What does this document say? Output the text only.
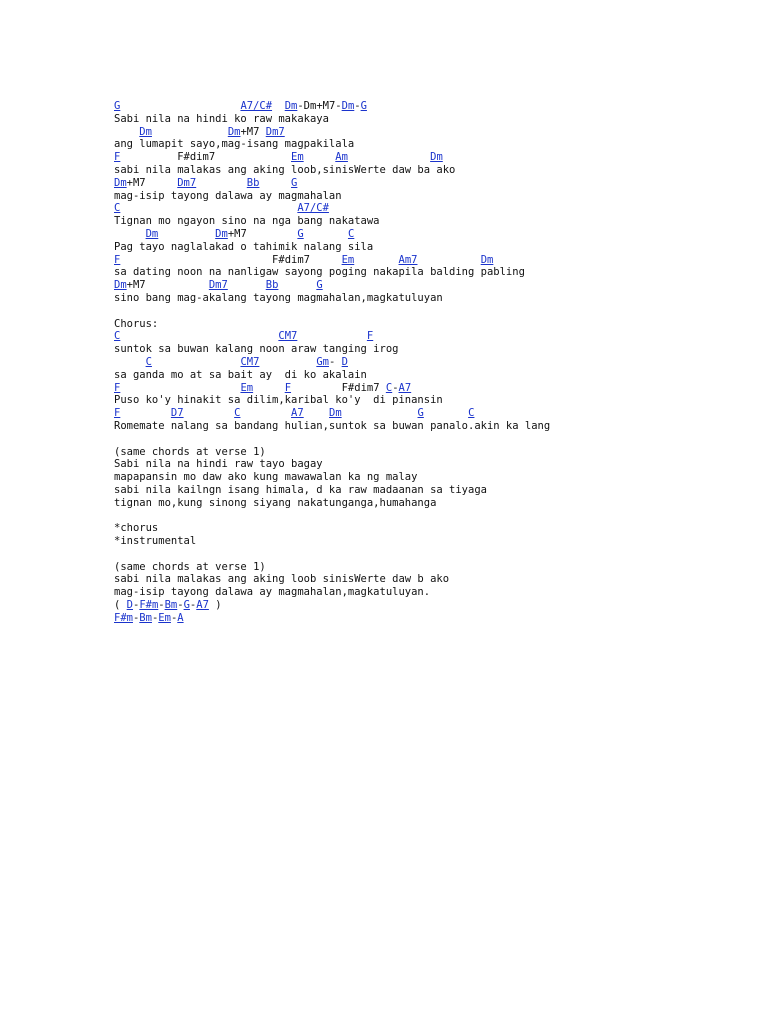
G	A7/C# Dm-Dm+M7-Dm-G
Sabi nila na hindi ko raw makakaya
Dm	Dm+M7 Dm7
ang lumapit sayo,mag-isang magpakilala
F         F#dim7            Em	Am	Dm
sabi nila malakas ang aking loob,sinisWerte daw ba ako
Dm+M7     Dm7	Bb	G
mag-isip tayong dalawa ay magmahalan
C	A7/C#
Tignan mo ngayon sino na nga bang nakatawa
Dm	Dm+M7        G	C
Pag tayo naglalakad o tahimik nalang sila
F                        F#dim7     Em	Am7	Dm
sa dating noon na nanligaw sayong poging nakapila balding pabling
Dm+M7          Dm7	Bb	G
sino bang mag-akalang tayong magmahalan,magkatuluyan

Chorus:
C	CM7	F
suntok sa buwan kalang noon araw tanging irog
C	CM7	Gm- D
sa ganda mo at sa bait ay  di ko akalain
F	Em	F        F#dim7 C-A7
Puso ko'y hinakit sa dilim,karibal ko'y  di pinansin
F	D7	C	A7 Dm	G	C
Romemate nalang sa bandang hulian,suntok sa buwan panalo.akin ka lang

(same chords at verse 1)
Sabi nila na hindi raw tayo bagay
mapapansin mo daw ako kung mawawalan ka ng malay
sabi nila kailngn isang himala, d ka raw madaanan sa tiyaga
tignan mo,kung sinong siyang nakatunganga,humahanga

*chorus
*instrumental

(same chords at verse 1)
sabi nila malakas ang aking loob sinisWerte daw b ako
mag-isip tayong dalawa ay magmahalan,magkatuluyan.
( D-F#m-Bm-G-A7 )
F#m-Bm-Em-A
